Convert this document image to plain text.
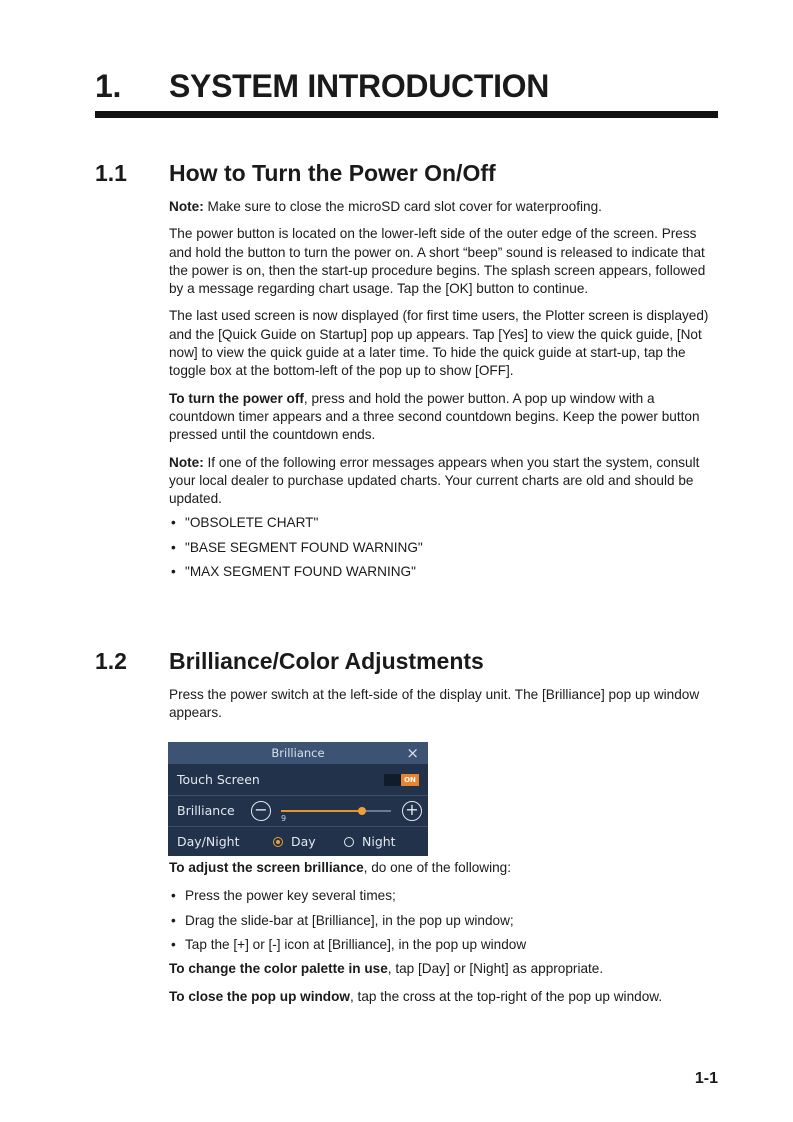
1.	SYSTEM INTRODUCTION
1.1	How to Turn the Power On/Off

Note: Make sure to close the microSD card slot cover for waterproofing.

The power button is located on the lower-left side of the outer edge of the screen. Press and hold the button to turn the power on. A short “beep” sound is released to indicate that the power is on, then the start-up procedure begins. The splash screen appears, followed by a message regarding chart usage. Tap the [OK] button to continue.

The last used screen is now displayed (for first time users, the Plotter screen is displayed) and the [Quick Guide on Startup] pop up appears. Tap [Yes] to view the quick guide, [Not now] to view the quick guide at a later time. To hide the quick guide at start-up, tap the toggle box at the bottom-left of the pop up to show [OFF].

To turn the power off, press and hold the power button. A pop up window with a countdown timer appears and a three second countdown begins. Keep the power button pressed until the countdown ends.

Note: If one of the following error messages appears when you start the system, consult your local dealer to purchase updated charts. Your current charts are old and should be updated.

• "OBSOLETE CHART"
• "BASE SEGMENT FOUND WARNING"
• "MAX SEGMENT FOUND WARNING"
1.2	Brilliance/Color Adjustments

Press the power switch at the left-side of the display unit. The [Brilliance] pop up window appears.

Brilliance	×
Touch Screen	ON
Brilliance −	9	+
Day/Night	Day	Night

To adjust the screen brilliance, do one of the following:

• Press the power key several times;
• Drag the slide-bar at [Brilliance], in the pop up window;
• Tap the [+] or [-] icon at [Brilliance], in the pop up window

To change the color palette in use, tap [Day] or [Night] as appropriate.

To close the pop up window, tap the cross at the top-right of the pop up window.

1-1
